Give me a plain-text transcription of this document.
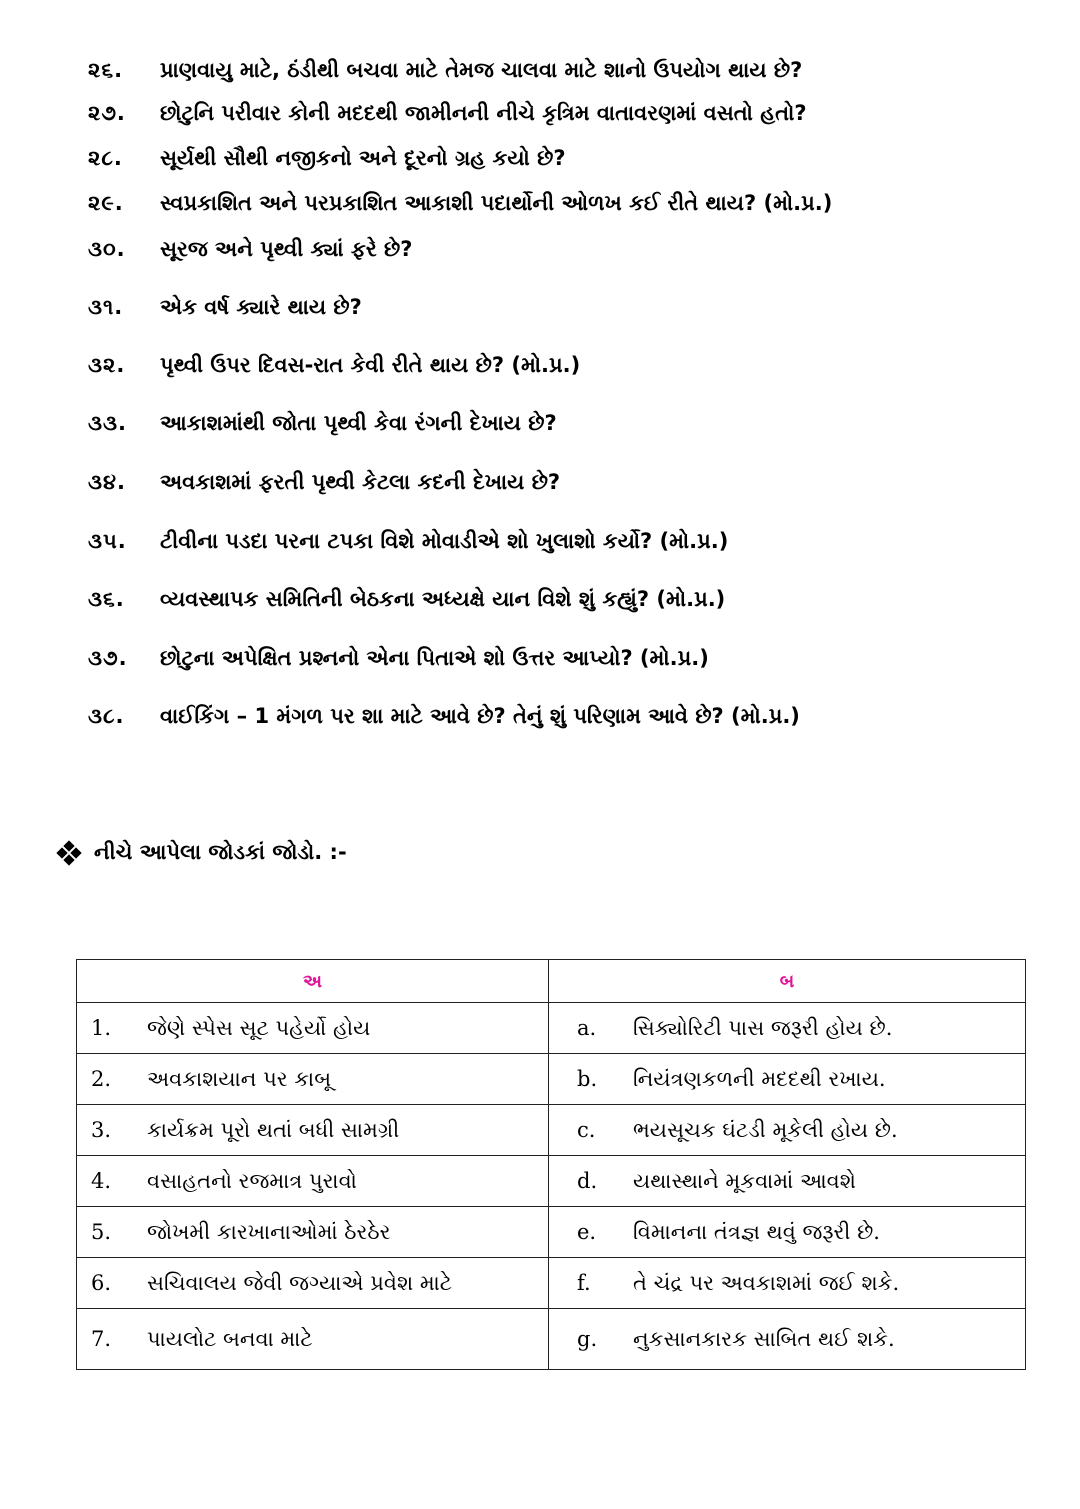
૨૬. પ્રાણવાયુ માટે, ઠંડીથી બચવા માટે તેમજ ચાલવા માટે શાનો ઉપયોગ થાય છે?
૨૭. છોટુનિ પરીવાર કોની મદદથી જામીનની નીચે કૃત્રિમ વાતાવરણમાં વસતો હતો?
૨૮. સૂર્યથી સૌથી નજીકનો અને દૂરનો ગ્રહ કયો છે?
૨૯. સ્વપ્રકાશિત અને પરપ્રકાશિત આકાશી પદાર્થોની ઓળખ કઈ રીતે થાય? (મો.પ્ર.)
૩૦. સૂરજ અને પૃથ્વી ક્યાં ફરે છે?
૩૧. એક વર્ષ ક્યારે થાય છે?
૩૨. પૃથ્વી ઉપર દિવસ-રાત કેવી રીતે થાય છે? (મો.પ્ર.)
૩૩. આકાશમાંથી જોતા પૃથ્વી કેવા રંગની દેખાય છે?
૩૪. અવકાશમાં ફરતી પૃથ્વી કેટલા કદની દેખાય છે?
૩૫. ટીવીના પડદા પરના ટપકા વિશે મોવાડીએ શો ખુલાશો કર્યો? (મો.પ્ર.)
૩૬. વ્યવસ્થાપક સમિતિની બેઠકના અધ્યક્ષે યાન વિશે શું કહ્યું? (મો.પ્ર.)
૩૭. છોટુના અપેક્ષિત પ્રશ્નનો એના પિતાએ શો ઉત્તર આપ્યો? (મો.પ્ર.)
૩૮. વાઈકિંગ – 1 મંગળ પર શા માટે આવે છે? તેનું શું પરિણામ આવે છે? (મો.પ્ર.)
નીચે આપેલા જોડકાં જોડો. :-
અ	બ
1. જેણે સ્પેસ સૂટ પહેર્યો હોય	a. સિક્યોરિટી પાસ જરૂરી હોય છે.
2. અવકાશયાન પર કાબૂ	b. નિયંત્રણકળની મદદથી રખાય.
3. કાર્યક્રમ પૂરો થતાં બધી સામગ્રી	c. ભયસૂચક ઘંટડી મૂકેલી હોય છે.
4. વસાહતનો રજમાત્ર પુરાવો	d. યથાસ્થાને મૂકવામાં આવશે
5. જોખમી કારખાનાઓમાં ઠેરઠેર	e. વિમાનના તંત્રજ્ઞ થવું જરૂરી છે.
6. સચિવાલય જેવી જગ્યાએ પ્રવેશ માટે	f. તે ચંદ્ર પર અવકાશમાં જઈ શકે.
7. પાયલોટ બનવા માટે	g. નુકસાનકારક સાબિત થઈ શકે.
